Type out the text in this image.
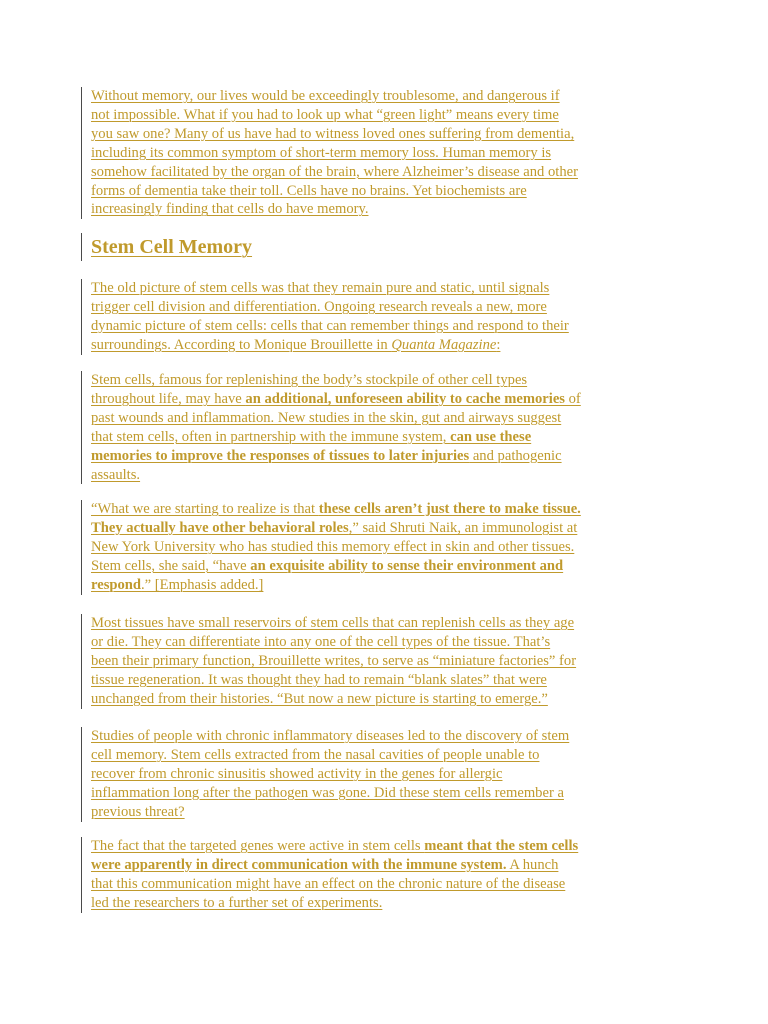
Without memory, our lives would be exceedingly troublesome, and dangerous if
not impossible. What if you had to look up what “green light” means every time
you saw one? Many of us have had to witness loved ones suffering from dementia,
including its common symptom of short-term memory loss. Human memory is
somehow facilitated by the organ of the brain, where Alzheimer’s disease and other
forms of dementia take their toll. Cells have no brains. Yet biochemists are
increasingly finding that cells do have memory.
Stem Cell Memory
The old picture of stem cells was that they remain pure and static, until signals
trigger cell division and differentiation. Ongoing research reveals a new, more
dynamic picture of stem cells: cells that can remember things and respond to their
surroundings. According to Monique Brouillette in Quanta Magazine:
Stem cells, famous for replenishing the body’s stockpile of other cell types
throughout life, may have an additional, unforeseen ability to cache memories of
past wounds and inflammation. New studies in the skin, gut and airways suggest
that stem cells, often in partnership with the immune system, can use these
memories to improve the responses of tissues to later injuries and pathogenic
assaults.
“What we are starting to realize is that these cells aren’t just there to make tissue.
They actually have other behavioral roles,” said Shruti Naik, an immunologist at
New York University who has studied this memory effect in skin and other tissues.
Stem cells, she said, “have an exquisite ability to sense their environment and
respond.” [Emphasis added.]
Most tissues have small reservoirs of stem cells that can replenish cells as they age
or die. They can differentiate into any one of the cell types of the tissue. That’s
been their primary function, Brouillette writes, to serve as “miniature factories” for
tissue regeneration. It was thought they had to remain “blank slates” that were
unchanged from their histories. “But now a new picture is starting to emerge.”
Studies of people with chronic inflammatory diseases led to the discovery of stem
cell memory. Stem cells extracted from the nasal cavities of people unable to
recover from chronic sinusitis showed activity in the genes for allergic
inflammation long after the pathogen was gone. Did these stem cells remember a
previous threat?
The fact that the targeted genes were active in stem cells meant that the stem cells
were apparently in direct communication with the immune system. A hunch
that this communication might have an effect on the chronic nature of the disease
led the researchers to a further set of experiments.
